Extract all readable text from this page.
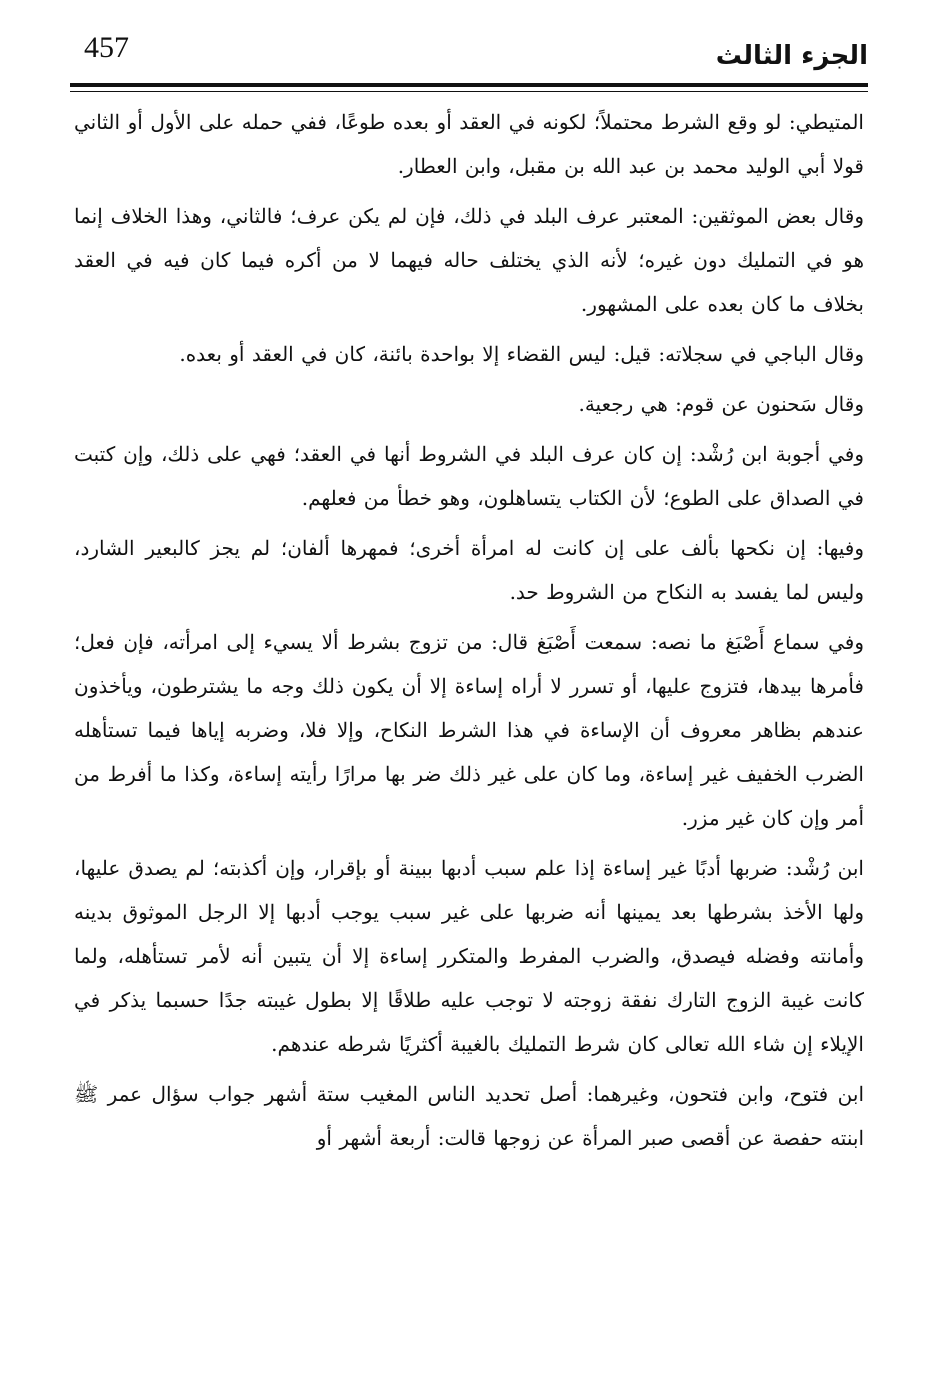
457	الجزء الثالث

المتيطي: لو وقع الشرط محتملاً؛ لكونه في العقد أو بعده طوعًا، ففي حمله على الأول أو الثاني قولا أبي الوليد محمد بن عبد الله بن مقبل، وابن العطار.

وقال بعض الموثقين: المعتبر عرف البلد في ذلك، فإن لم يكن عرف؛ فالثاني، وهذا الخلاف إنما هو في التمليك دون غيره؛ لأنه الذي يختلف حاله فيهما لا من أكره فيما كان فيه في العقد بخلاف ما كان بعده على المشهور.

وقال الباجي في سجلاته: قيل: ليس القضاء إلا بواحدة بائنة، كان في العقد أو بعده.

وقال سَحنون عن قوم: هي رجعية.

وفي أجوبة ابن رُشْد: إن كان عرف البلد في الشروط أنها في العقد؛ فهي على ذلك، وإن كتبت في الصداق على الطوع؛ لأن الكتاب يتساهلون، وهو خطأ من فعلهم.

وفيها: إن نكحها بألف على إن كانت له امرأة أخرى؛ فمهرها ألفان؛ لم يجز كالبعير الشارد، وليس لما يفسد به النكاح من الشروط حد.

وفي سماع أَصْبَغ ما نصه: سمعت أَصْبَغ قال: من تزوج بشرط ألا يسيء إلى امرأته، فإن فعل؛ فأمرها بيدها، فتزوج عليها، أو تسرر لا أراه إساءة إلا أن يكون ذلك وجه ما يشترطون، ويأخذون عندهم بظاهر معروف أن الإساءة في هذا الشرط النكاح، وإلا فلا، وضربه إياها فيما تستأهله الضرب الخفيف غير إساءة، وما كان على غير ذلك ضر بها مرارًا رأيته إساءة، وكذا ما أفرط من أمر وإن كان غير مزر.

ابن رُشْد: ضربها أدبًا غير إساءة إذا علم سبب أدبها ببينة أو بإقرار، وإن أكذبته؛ لم يصدق عليها، ولها الأخذ بشرطها بعد يمينها أنه ضربها على غير سبب يوجب أدبها إلا الرجل الموثوق بدينه وأمانته وفضله فيصدق، والضرب المفرط والمتكرر إساءة إلا أن يتبين أنه لأمر تستأهله، ولما كانت غيبة الزوج التارك نفقة زوجته لا توجب عليه طلاقًا إلا بطول غيبته جدًا حسبما يذكر في الإيلاء إن شاء الله تعالى كان شرط التمليك بالغيبة أكثريًا شرطه عندهم.

ابن فتوح، وابن فتحون، وغيرهما: أصل تحديد الناس المغيب ستة أشهر جواب سؤال عمر ﷺ ابنته حفصة عن أقصى صبر المرأة عن زوجها قالت: أربعة أشهر أو
